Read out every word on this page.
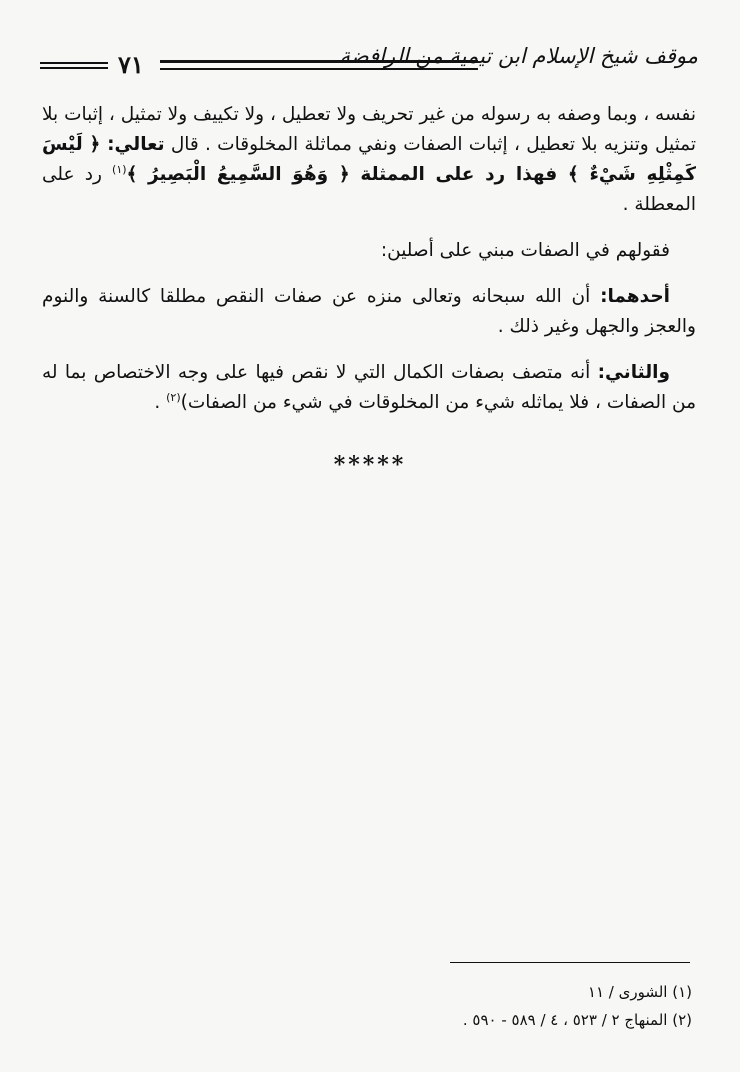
٧١	موقف شيخ الإسلام ابن تيمية من الرافضة

نفسه ، وبما وصفه به رسوله من غير تحريف ولا تعطيل ، ولا تكييف ولا تمثيل ، إثبات بلا تمثيل وتنزيه بلا تعطيل ، إثبات الصفات ونفي مماثلة المخلوقات . قال تعالي: ﴿ لَيْسَ كَمِثْلِهِ شَيْءٌ ﴾ فهذا رد على الممثلة ﴿ وَهُوَ السَّمِيعُ الْبَصِيرُ ﴾$^{(١)}$ رد على المعطلة .

فقولهم في الصفات مبني على أصلين:

أحدهما: أن الله سبحانه وتعالى منزه عن صفات النقص مطلقا كالسنة والنوم والعجز والجهل وغير ذلك .

والثاني: أنه متصف بصفات الكمال التي لا نقص فيها على وجه الاختصاص بما له من الصفات ، فلا يماثله شيء من المخلوقات في شيء من الصفات)$^{(٢)}$ .

*****
(١) الشورى / ١١
(٢) المنهاج ٢ / ٥٢٣ ، ٤ / ٥٨٩ - ٥٩٠ .
